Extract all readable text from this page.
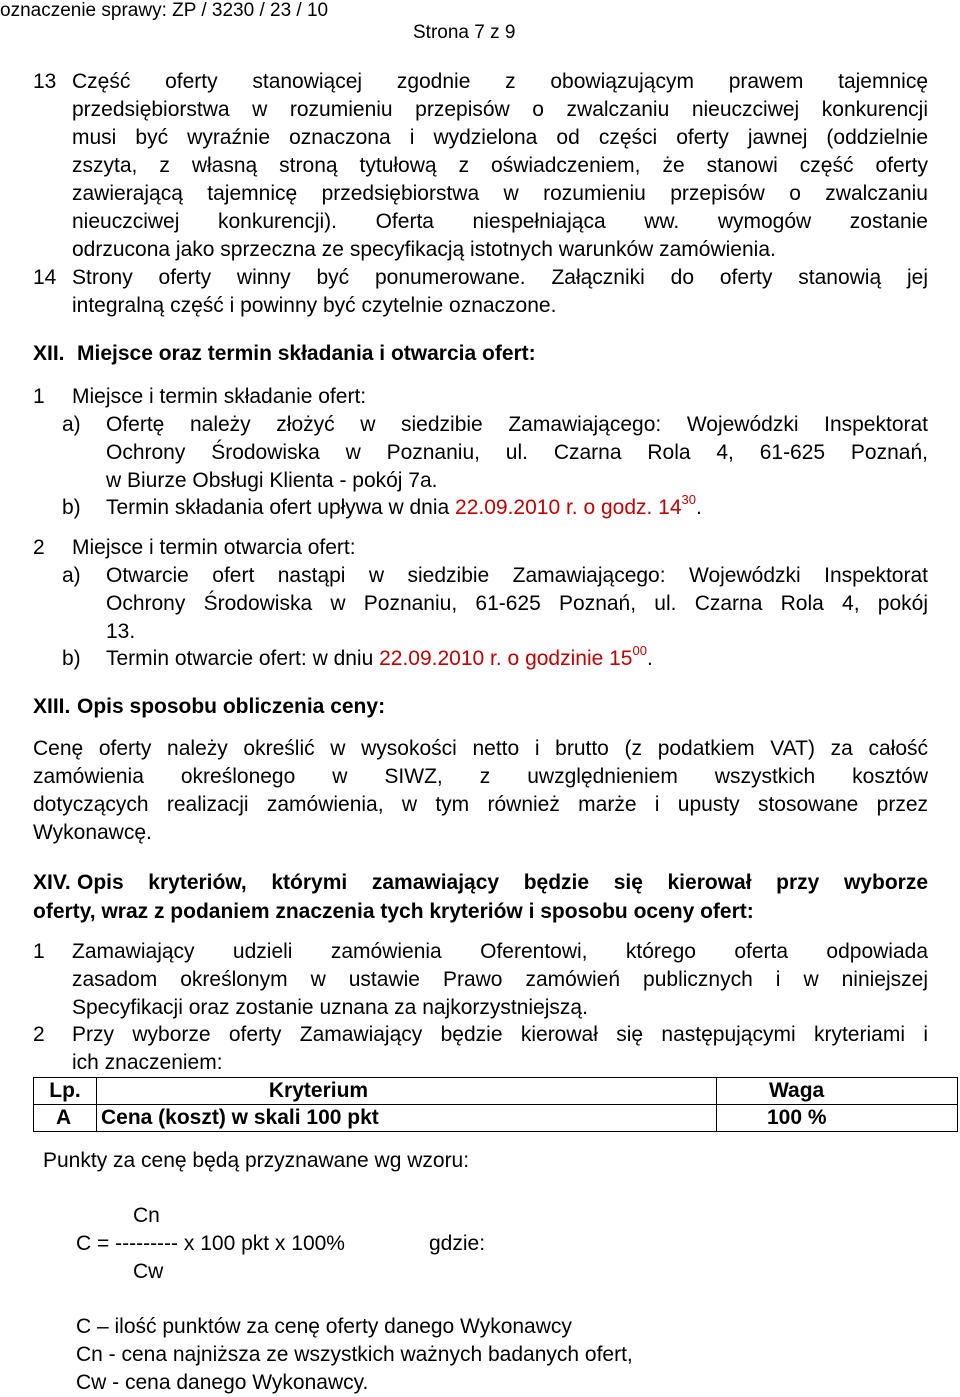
oznaczenie sprawy: ZP / 3230 / 23 / 10
Strona 7 z 9
13 Część oferty stanowiącej zgodnie z obowiązującym prawem tajemnicę
przedsiębiorstwa w rozumieniu przepisów o zwalczaniu nieuczciwej konkurencji
musi być wyraźnie oznaczona i wydzielona od części oferty jawnej (oddzielnie
zszyta, z własną stroną tytułową z oświadczeniem, że stanowi część oferty
zawierającą tajemnicę przedsiębiorstwa w rozumieniu przepisów o zwalczaniu
nieuczciwej konkurencji). Oferta niespełniająca ww. wymogów zostanie
odrzucona jako sprzeczna ze specyfikacją istotnych warunków zamówienia.
14 Strony oferty winny być ponumerowane. Załączniki do oferty stanowią jej
integralną część i powinny być czytelnie oznaczone.
XII. Miejsce oraz termin składania i otwarcia ofert:
1 Miejsce i termin składanie ofert:
a) Ofertę należy złożyć w siedzibie Zamawiającego: Wojewódzki Inspektorat
Ochrony Środowiska w Poznaniu, ul. Czarna Rola 4, 61-625 Poznań,
w Biurze Obsługi Klienta - pokój 7a.
b) Termin składania ofert upływa w dnia 22.09.2010 r. o godz. $14^{30}$.
2 Miejsce i termin otwarcia ofert:
a) Otwarcie ofert nastąpi w siedzibie Zamawiającego: Wojewódzki Inspektorat
Ochrony Środowiska w Poznaniu, 61-625 Poznań, ul. Czarna Rola 4, pokój
13.
b) Termin otwarcie ofert: w dniu 22.09.2010 r. o godzinie $15^{00}$.
XIII. Opis sposobu obliczenia ceny:
Cenę oferty należy określić w wysokości netto i brutto (z podatkiem VAT) za całość
zamówienia określonego w SIWZ, z uwzględnieniem wszystkich kosztów
dotyczących realizacji zamówienia, w tym również marże i upusty stosowane przez
Wykonawcę.
XIV. Opis kryteriów, którymi zamawiający będzie się kierował przy wyborze
oferty, wraz z podaniem znaczenia tych kryteriów i sposobu oceny ofert:
1 Zamawiający udzieli zamówienia Oferentowi, którego oferta odpowiada
zasadom określonym w ustawie Prawo zamówień publicznych i w niniejszej
Specyfikacji oraz zostanie uznana za najkorzystniejszą.
2 Przy wyborze oferty Zamawiający będzie kierował się następującymi kryteriami i
ich znaczeniem:
Lp.	Kryterium	Waga
A	Cena (koszt) w skali 100 pkt	100 %
Punkty za cenę będą przyznawane wg wzoru:
Cn
C = --------- x 100 pkt x 100%	gdzie:
Cw
C – ilość punktów za cenę oferty danego Wykonawcy
Cn - cena najniższa ze wszystkich ważnych badanych ofert,
Cw - cena danego Wykonawcy.
